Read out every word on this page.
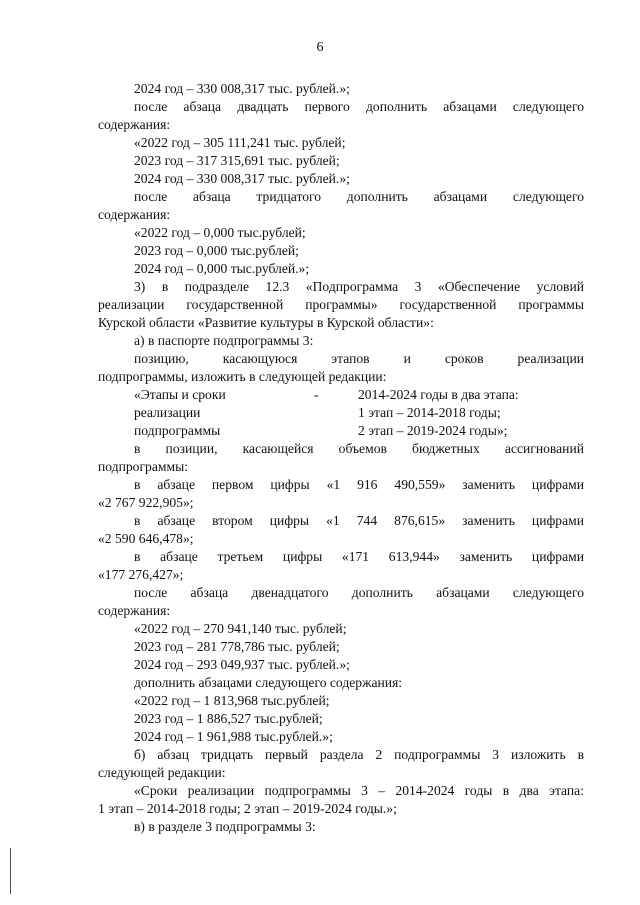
6
2024 год – 330 008,317 тыс. рублей.»;
после абзаца двадцать первого дополнить абзацами следующего
содержания:
«2022 год – 305 111,241 тыс. рублей;
2023 год – 317 315,691 тыс. рублей;
2024 год – 330 008,317 тыс. рублей.»;
после абзаца тридцатого дополнить абзацами следующего
содержания:
«2022 год – 0,000 тыс.рублей;
2023 год – 0,000 тыс.рублей;
2024 год – 0,000 тыс.рублей.»;
3) в подразделе 12.3 «Подпрограмма 3 «Обеспечение условий
реализации государственной программы» государственной программы
Курской области «Развитие культуры в Курской области»:
а) в паспорте подпрограммы 3:
позицию, касающуюся этапов и сроков реализации
подпрограммы, изложить в следующей редакции:
в позиции, касающейся объемов бюджетных ассигнований
подпрограммы:
в абзаце первом цифры «1 916 490,559» заменить цифрами
«2 767 922,905»;
в абзаце втором цифры «1 744 876,615» заменить цифрами
«2 590 646,478»;
в абзаце третьем цифры «171 613,944» заменить цифрами
«177 276,427»;
после абзаца двенадцатого дополнить абзацами следующего
содержания:
«2022 год – 270 941,140 тыс. рублей;
2023 год – 281 778,786 тыс. рублей;
2024 год – 293 049,937 тыс. рублей.»;
дополнить абзацами следующего содержания:
«2022 год – 1 813,968 тыс.рублей;
2023 год – 1 886,527 тыс.рублей;
2024 год – 1 961,988 тыс.рублей.»;
б) абзац тридцать первый раздела 2 подпрограммы 3 изложить в
следующей редакции:
«Сроки реализации подпрограммы 3 – 2014-2024 годы в два этапа:
1 этап – 2014-2018 годы; 2 этап – 2019-2024 годы.»;
в) в разделе 3 подпрограммы 3:
«Этапы и сроки
реализации
подпрограммы
-	2014-2024 годы в два этапа:
1 этап – 2014-2018 годы;
2 этап – 2019-2024 годы»;
